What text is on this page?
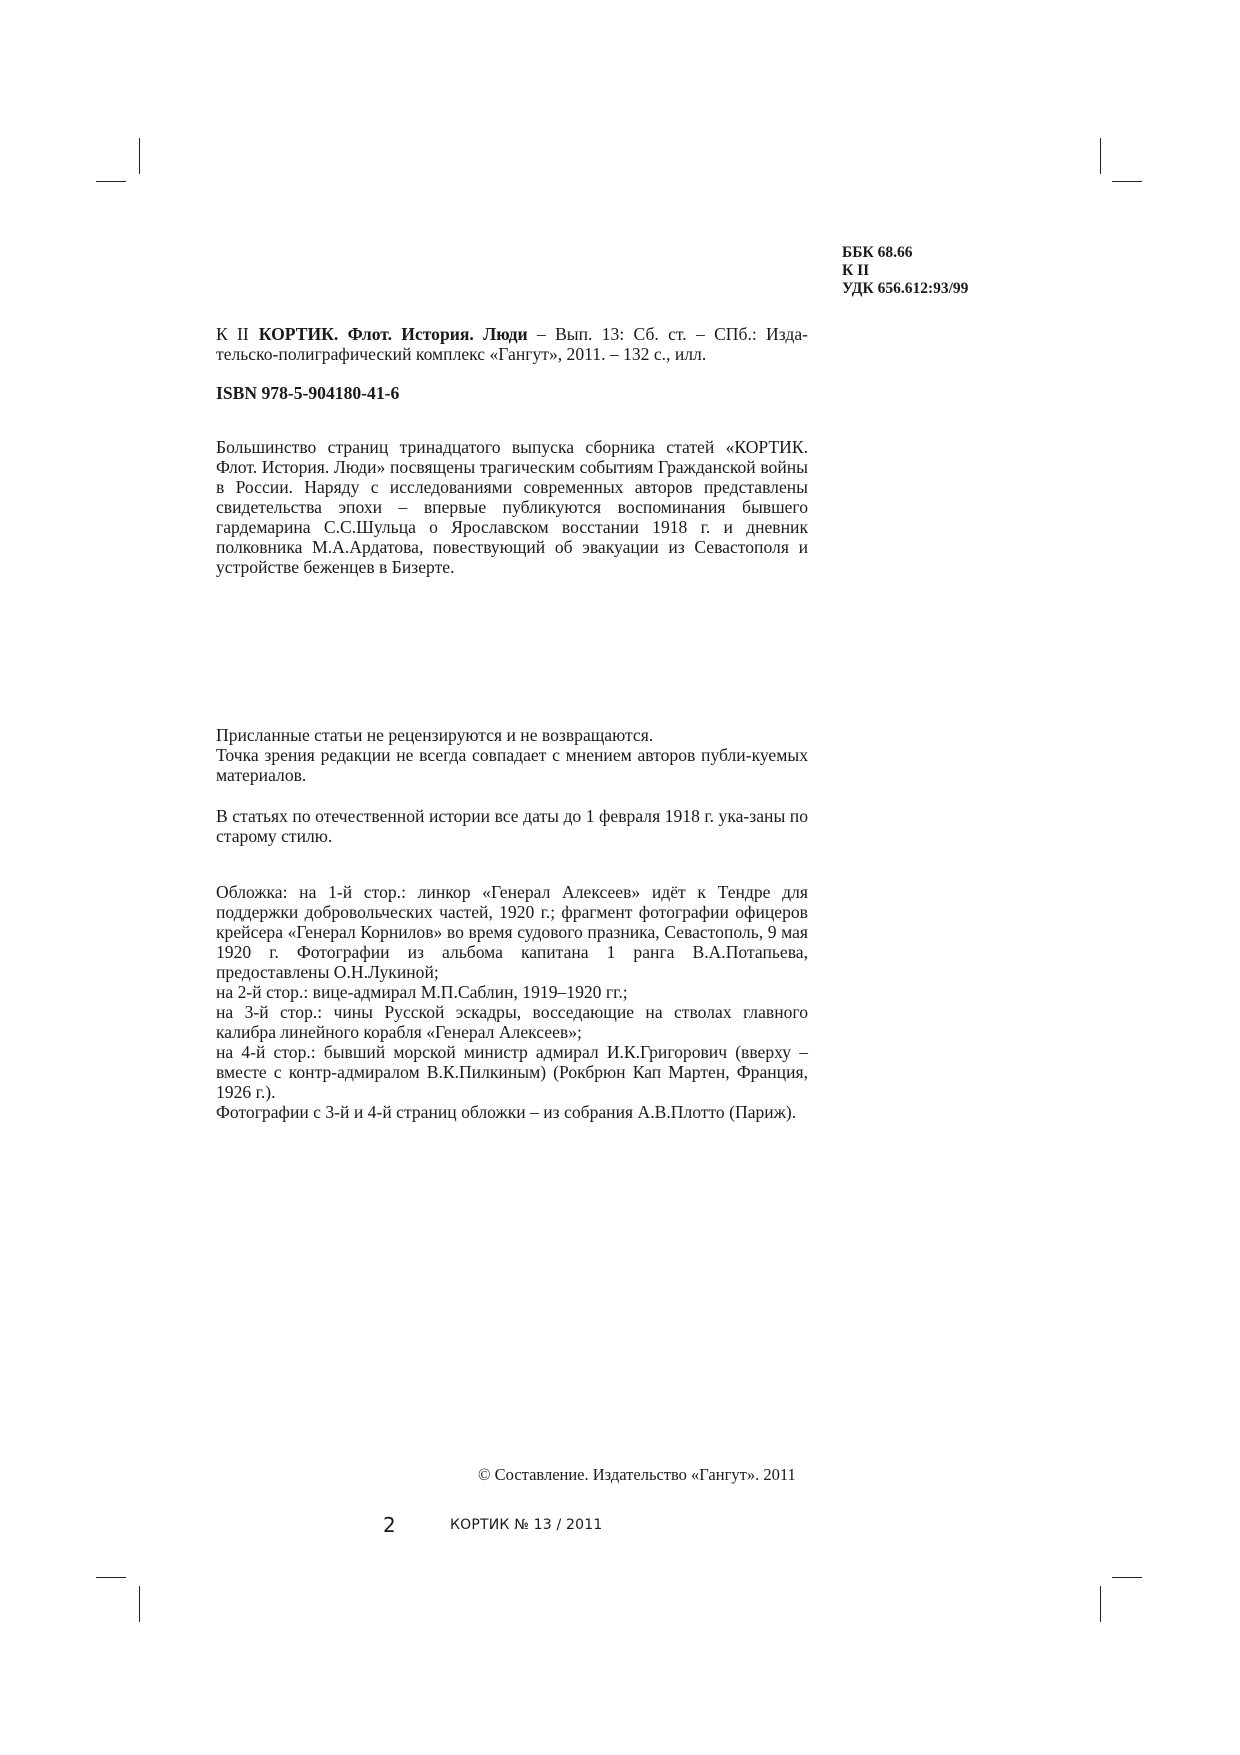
ББК 68.66
К II
УДК 656.612:93/99
К II КОРТИК. Флот. История. Люди – Вып. 13: Сб. ст. – СПб.: Изда-тельско-полиграфический комплекс «Гангут», 2011. – 132 с., илл.
ISBN 978-5-904180-41-6

Большинство страниц тринадцатого выпуска сборника статей «КОРТИК. Флот. История. Люди» посвящены трагическим событиям Гражданской войны в России. Наряду с исследованиями современных авторов представлены свидетельства эпохи – впервые публикуются воспоминания бывшего гардемарина С.С.Шульца о Ярославском восстании 1918 г. и дневник полковника М.А.Ардатова, повествующий об эвакуации из Севастополя и устройстве беженцев в Бизерте.

Присланные статьи не рецензируются и не возвращаются.

Точка зрения редакции не всегда совпадает с мнением авторов публи-куемых материалов.

В статьях по отечественной истории все даты до 1 февраля 1918 г. ука-заны по старому стилю.

Обложка: на 1-й стор.: линкор «Генерал Алексеев» идёт к Тендре для поддержки добровольческих частей, 1920 г.; фрагмент фотографии офицеров крейсера «Генерал Корнилов» во время судового празника, Севастополь, 9 мая 1920 г. Фотографии из альбома капитана 1 ранга В.А.Потапьева, предоставлены О.Н.Лукиной;

на 2-й стор.: вице-адмирал М.П.Саблин, 1919–1920 гг.;

на 3-й стор.: чины Русской эскадры, восседающие на стволах главного калибра линейного корабля «Генерал Алексеев»;

на 4-й стор.: бывший морской министр адмирал И.К.Григорович (вверху – вместе с контр-адмиралом В.К.Пилкиным) (Рокбрюн Кап Мартен, Франция, 1926 г.).

Фотографии с 3-й и 4-й страниц обложки – из собрания А.В.Плотто (Париж).

© Составление. Издательство «Гангут». 2011
2	КОРТИК № 13 / 2011
